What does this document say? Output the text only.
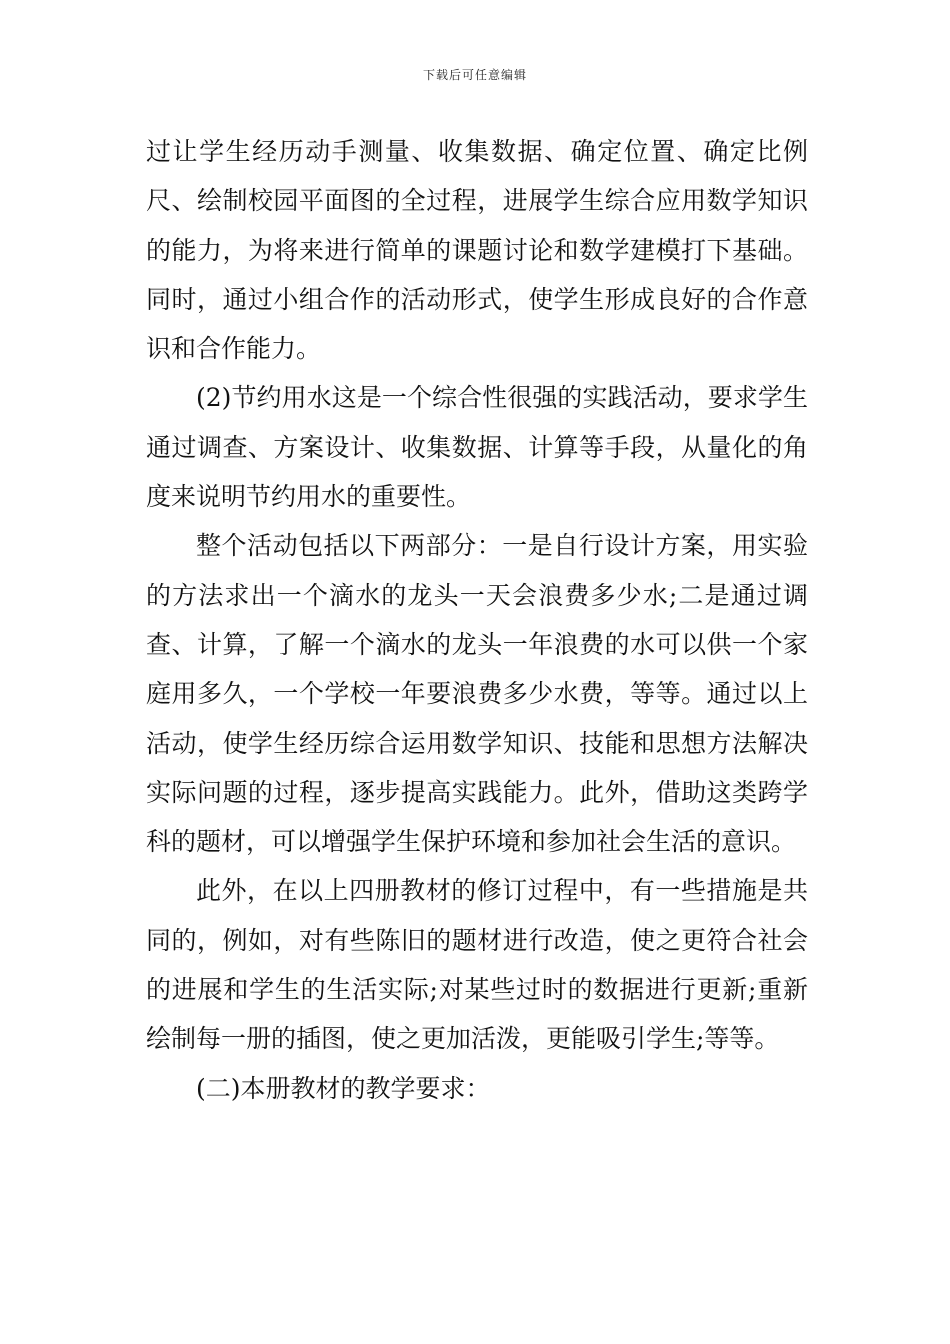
下载后可任意编辑

过让学生经历动手测量、收集数据、确定位置、确定比例尺、绘制校园平面图的全过程，进展学生综合应用数学知识的能力，为将来进行简单的课题讨论和数学建模打下基础。同时，通过小组合作的活动形式，使学生形成良好的合作意识和合作能力。

(2)节约用水这是一个综合性很强的实践活动，要求学生通过调查、方案设计、收集数据、计算等手段，从量化的角度来说明节约用水的重要性。

整个活动包括以下两部分：一是自行设计方案，用实验的方法求出一个滴水的龙头一天会浪费多少水;二是通过调查、计算，了解一个滴水的龙头一年浪费的水可以供一个家庭用多久，一个学校一年要浪费多少水费，等等。通过以上活动，使学生经历综合运用数学知识、技能和思想方法解决实际问题的过程，逐步提高实践能力。此外，借助这类跨学科的题材，可以增强学生保护环境和参加社会生活的意识。

此外，在以上四册教材的修订过程中，有一些措施是共同的，例如，对有些陈旧的题材进行改造，使之更符合社会的进展和学生的生活实际;对某些过时的数据进行更新;重新绘制每一册的插图，使之更加活泼，更能吸引学生;等等。

(二)本册教材的教学要求：
